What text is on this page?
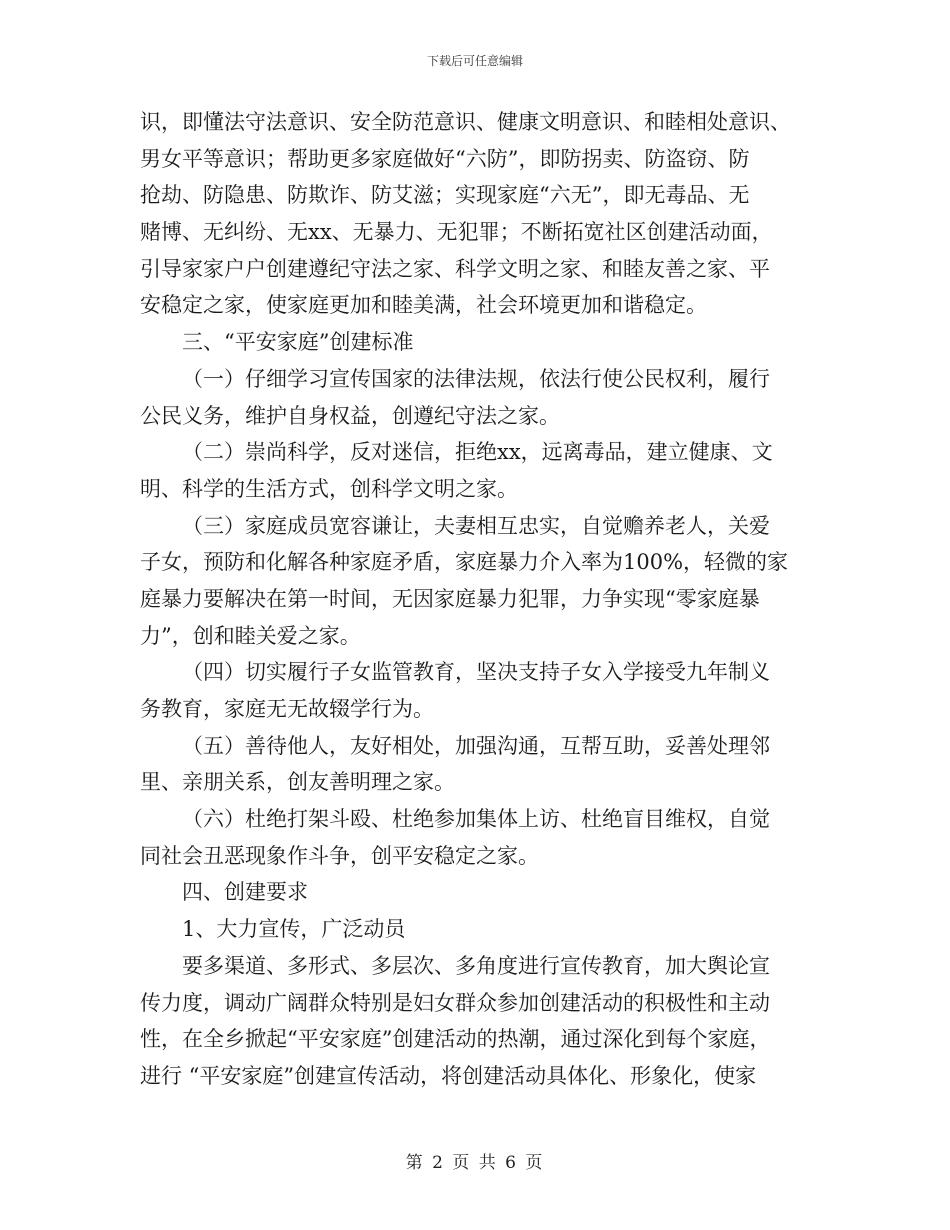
下载后可任意编辑
识，即懂法守法意识、安全防范意识、健康文明意识、和睦相处意识、
男女平等意识；帮助更多家庭做好“六防”，即防拐卖、防盗窃、防
抢劫、防隐患、防欺诈、防艾滋；实现家庭“六无”，即无毒品、无
赌博、无纠纷、无xx、无暴力、无犯罪；不断拓宽社区创建活动面，
引导家家户户创建遵纪守法之家、科学文明之家、和睦友善之家、平
安稳定之家，使家庭更加和睦美满，社会环境更加和谐稳定。
三、“平安家庭”创建标准
（一）仔细学习宣传国家的法律法规，依法行使公民权利，履行
公民义务，维护自身权益，创遵纪守法之家。
（二）崇尚科学，反对迷信，拒绝xx，远离毒品，建立健康、文
明、科学的生活方式，创科学文明之家。
（三）家庭成员宽容谦让，夫妻相互忠实，自觉赡养老人，关爱
子女，预防和化解各种家庭矛盾，家庭暴力介入率为100%，轻微的家
庭暴力要解决在第一时间，无因家庭暴力犯罪，力争实现“零家庭暴
力”，创和睦关爱之家。
（四）切实履行子女监管教育，坚决支持子女入学接受九年制义
务教育，家庭无无故辍学行为。
（五）善待他人，友好相处，加强沟通，互帮互助，妥善处理邻
里、亲朋关系，创友善明理之家。
（六）杜绝打架斗殴、杜绝参加集体上访、杜绝盲目维权，自觉
同社会丑恶现象作斗争，创平安稳定之家。
四、创建要求
1、大力宣传，广泛动员
要多渠道、多形式、多层次、多角度进行宣传教育，加大舆论宣
传力度，调动广阔群众特别是妇女群众参加创建活动的积极性和主动
性，在全乡掀起“平安家庭”创建活动的热潮，通过深化到每个家庭，
进行 “平安家庭”创建宣传活动，将创建活动具体化、形象化，使家
第 2 页 共 6 页
